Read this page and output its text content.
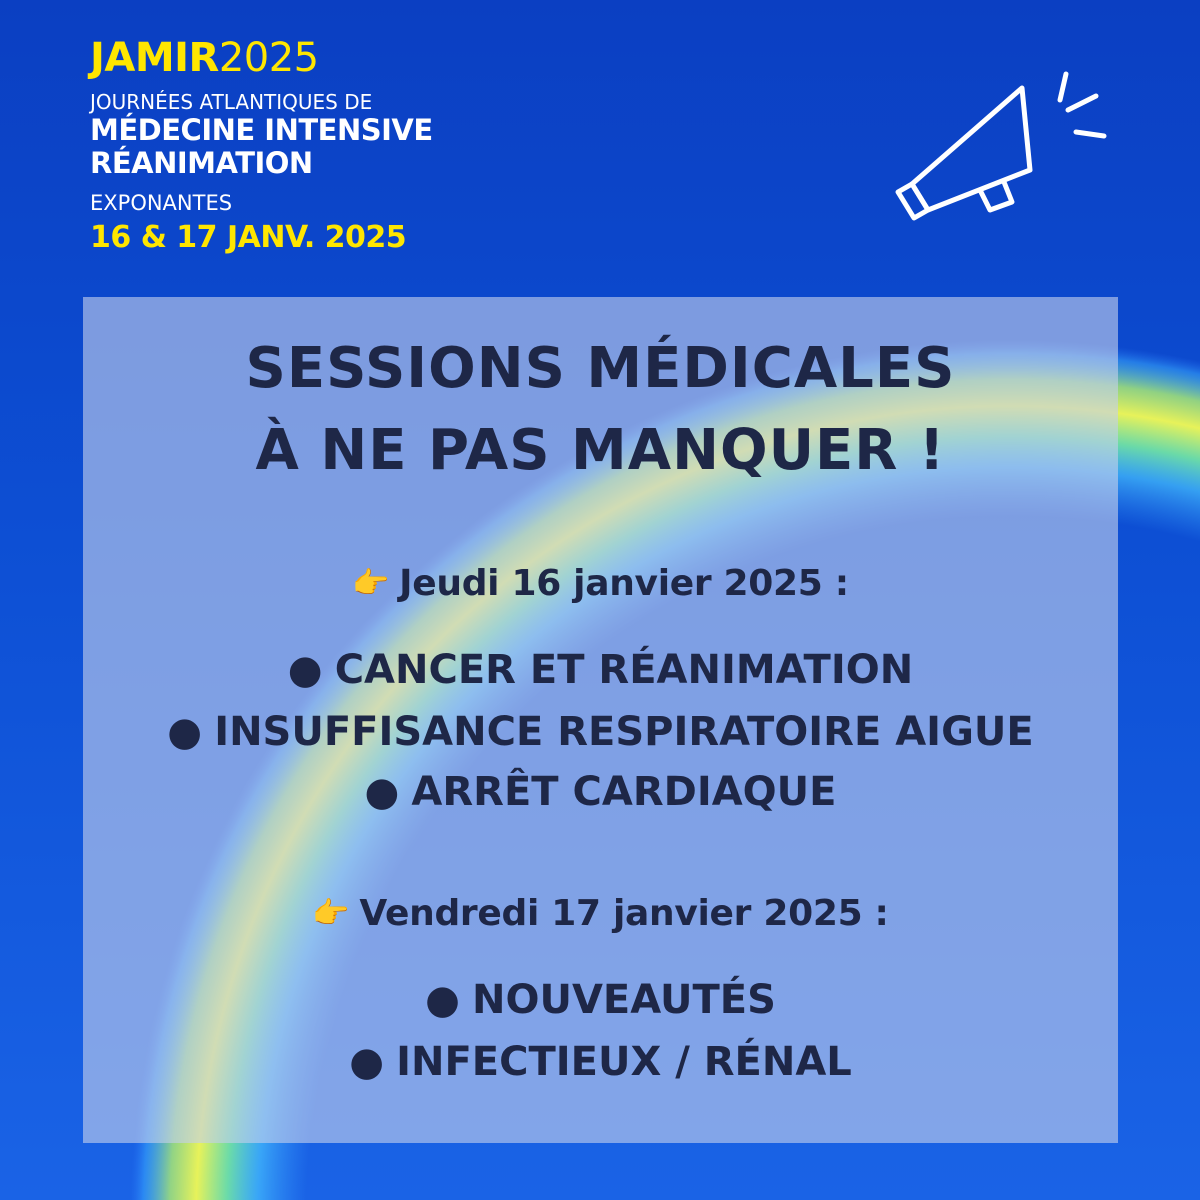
JAMIR2025
JOURNÉES ATLANTIQUES DE
MÉDECINE INTENSIVE
RÉANIMATION
EXPONANTES
16 & 17 JANV. 2025
SESSIONS MÉDICALES
À NE PAS MANQUER !
👉 Jeudi 16 janvier 2025 :
● CANCER ET RÉANIMATION
● INSUFFISANCE RESPIRATOIRE AIGUE
● ARRÊT CARDIAQUE
👉 Vendredi 17 janvier 2025 :
● NOUVEAUTÉS
● INFECTIEUX / RÉNAL
